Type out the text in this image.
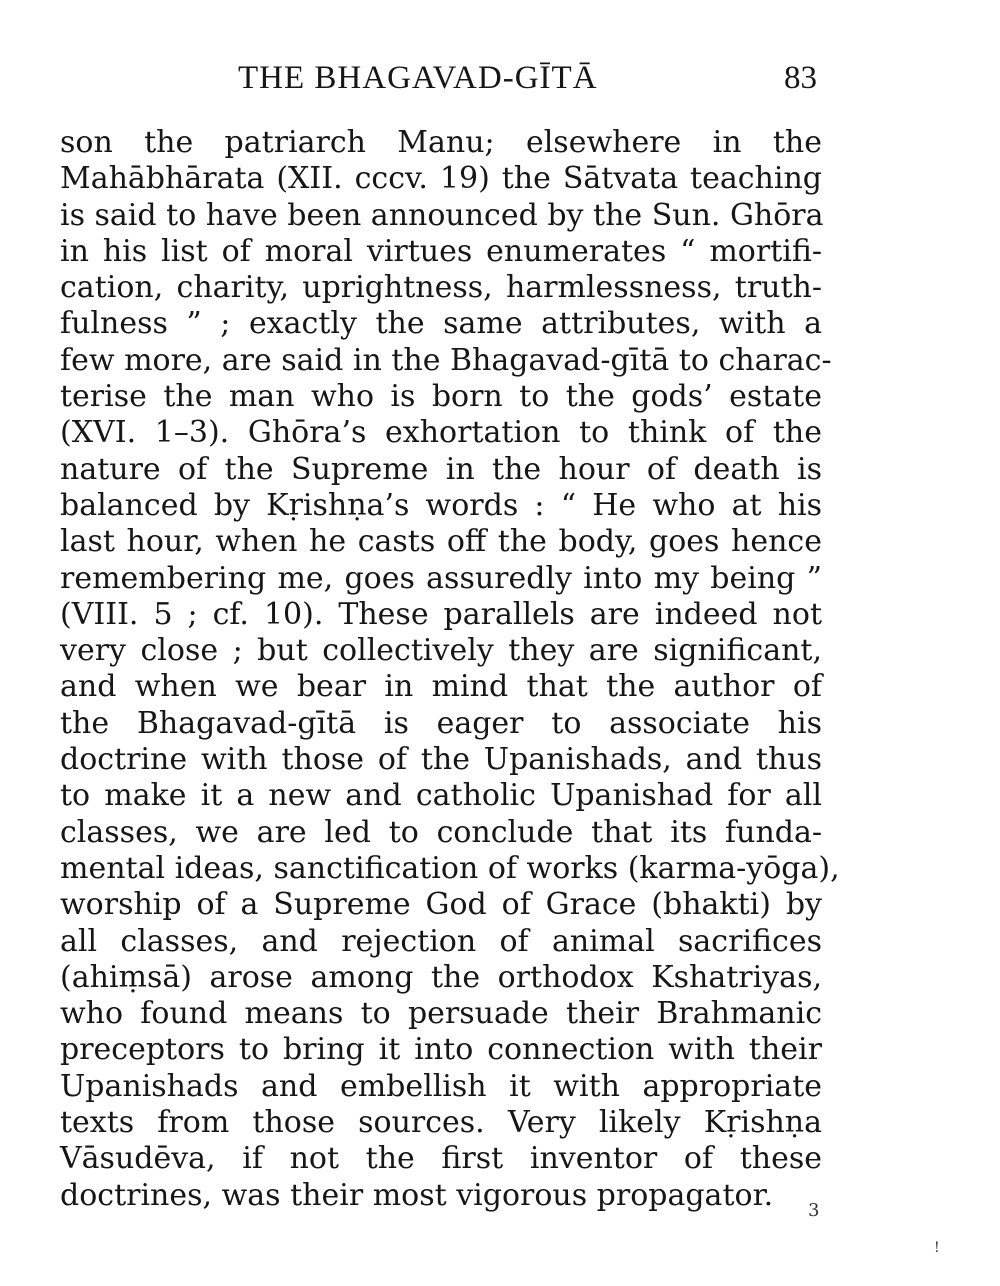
THE BHAGAVAD-GĪTĀ	83
son the patriarch Manu; elsewhere in the
Mahābhārata (XII. cccv. 19) the Sātvata teaching
is said to have been announced by the Sun. Ghōra
in his list of moral virtues enumerates “ mortifi-
cation, charity, uprightness, harmlessness, truth-
fulness ” ; exactly the same attributes, with a
few more, are said in the Bhagavad-gītā to charac-
terise the man who is born to the gods’ estate
(XVI. 1–3). Ghōra’s exhortation to think of the
nature of the Supreme in the hour of death is
balanced by Kṛishṇa’s words : “ He who at his
last hour, when he casts off the body, goes hence
remembering me, goes assuredly into my being ”
(VIII. 5 ; cf. 10). These parallels are indeed not
very close ; but collectively they are significant,
and when we bear in mind that the author of
the Bhagavad-gītā is eager to associate his
doctrine with those of the Upanishads, and thus
to make it a new and catholic Upanishad for all
classes, we are led to conclude that its funda-
mental ideas, sanctification of works (karma-yōga),
worship of a Supreme God of Grace (bhakti) by
all classes, and rejection of animal sacrifices
(ahiṃsā) arose among the orthodox Kshatriyas,
who found means to persuade their Brahmanic
preceptors to bring it into connection with their
Upanishads and embellish it with appropriate
texts from those sources. Very likely Kṛishṇa
Vāsudēva, if not the first inventor of these
doctrines, was their most vigorous propagator.	3
!
